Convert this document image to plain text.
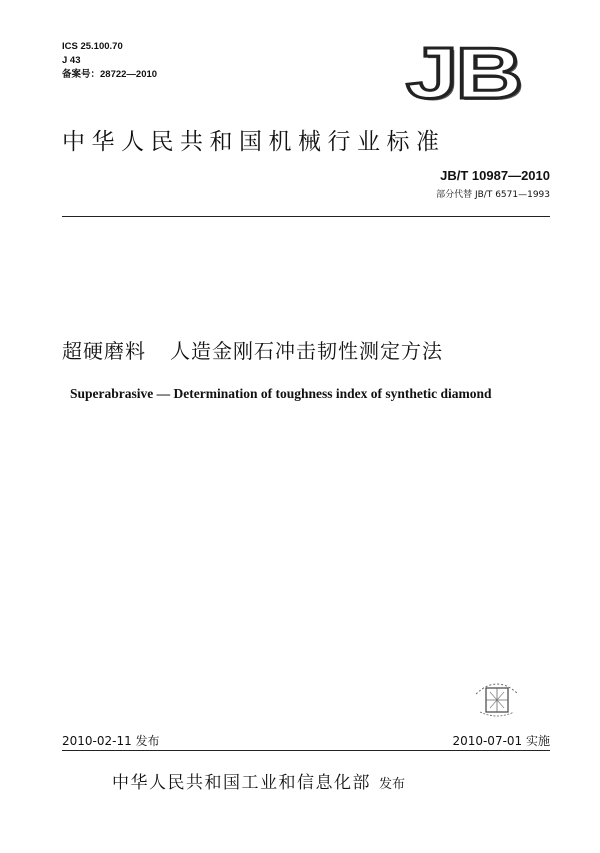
ICS 25.100.70
J 43
备案号：28722—2010	JB
中华人民共和国机械行业标准
JB/T 10987—2010
部分代替 JB/T 6571—1993
超硬磨料 人造金刚石冲击韧性测定方法
Superabrasive — Determination of toughness index of synthetic diamond
2010-02-11 发布	2010-07-01 实施
中华人民共和国工业和信息化部 发布
